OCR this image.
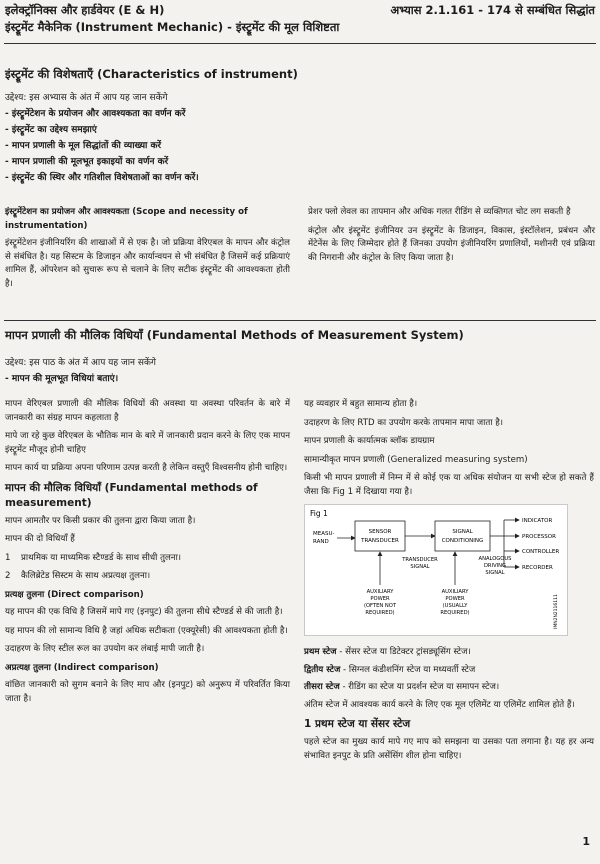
इलेक्ट्रॉनिक्स और हार्डवेयर (E & H)	अभ्यास 2.1.161 - 174 से सम्बंधित सिद्धांत
इंस्ट्रूमेंट मैकेनिक (Instrument Mechanic) - इंस्ट्रूमेंट की मूल विशिष्टता
इंस्ट्रूमेंट की विशेषताएँ (Characteristics of instrument)
उद्देश्य: इस अभ्यास के अंत में आप यह जान सकेंगे
- इंस्ट्रूमेंटेशन के प्रयोजन और आवश्यकता का वर्णन करें
- इंस्ट्रूमेंट का उद्देश्य समझाएं
- मापन प्रणाली के मूल सिद्धांतों की व्याख्या करें
- मापन प्रणाली की मूलभूत इकाइयों का वर्णन करें
- इंस्ट्रूमेंट की स्थिर और गतिशील विशेषताओं का वर्णन करें।
इंस्ट्रूमेंटेशन का प्रयोजन और आवश्यकता (Scope and necessity of instrumentation)

इंस्ट्रूमेंटेशन इंजीनियरिंग की शाखाओं में से एक है। जो प्रक्रिया वेरिएबल के मापन और कंट्रोल से संबंधित है। यह सिस्टम के डिजाइन और कार्यान्वयन से भी संबंधित है जिसमें कई प्रक्रियाएं शामिल हैं, ऑपरेशन को सुचारू रूप से चलाने के लिए सटीक इंस्ट्रूमेंट की आवश्यकता होती है।

प्रेशर फ्लो लेवल का तापमान और अधिक गलत रीडिंग से व्यक्तिगत चोट लग सकती है

कंट्रोल और इंस्ट्रूमेंट इंजीनियर उन इंस्ट्रूमेंट के डिजाइन, विकास, इंस्टॉलेशन, प्रबंधन और मेंटेनेंस के लिए जिम्मेदार होते हैं जिनका उपयोग इंजीनियरिंग प्रणालियों, मशीनरी एवं प्रक्रिया की निगरानी और कंट्रोल के लिए किया जाता है।

मापन प्रणाली की मौलिक विधियाँ (Fundamental Methods of Measurement System)
उद्देश्य: इस पाठ के अंत में आप यह जान सकेंगे
- मापन की मूलभूत विधियां बताएं।

मापन वेरिएबल प्रणाली की मौलिक विधियों की अवस्था या अवस्था परिवर्तन के बारे में जानकारी का संग्रह मापन कहलाता है

मापे जा रहे कुछ वेरिएबल के भौतिक मान के बारे में जानकारी प्रदान करने के लिए एक मापन इंस्ट्रूमेंट मौजूद होनी चाहिए

मापन कार्य या प्रक्रिया अपना परिणाम उत्पन्न करती है लेकिन वस्तुएँ विश्वसनीय होनी चाहिए।

मापन की मौलिक विधियाँ (Fundamental methods of measurement)

मापन आमतौर पर किसी प्रकार की तुलना द्वारा किया जाता है।

मापन की दो विधियाँ हैं

1	प्राथमिक या माध्यमिक स्टैण्डर्ड के साथ सीधी तुलना।
2	कैलिब्रेटेड सिस्टम के साथ अप्रत्यक्ष तुलना।
प्रत्यक्ष तुलना (Direct comparison)

यह मापन की एक विधि है जिसमें मापे गए (इनपुट) की तुलना सीधे स्टैण्डर्ड से की जाती है।

यह मापन की लो सामान्य विधि है जहां अधिक सटीकता (एक्यूरेसी) की आवश्यकता होती है।

उदाहरण के लिए स्टील रूल का उपयोग कर लंबाई मापी जाती है।

अप्रत्यक्ष तुलना (Indirect comparison)

वांछित जानकारी को सुगम बनाने के लिए माप और (इनपुट) को अनुरूप में परिवर्तित किया जाता है।

यह व्यवहार में बहुत सामान्य होता है।

उदाहरण के लिए RTD का उपयोग करके तापमान मापा जाता है।

मापन प्रणाली के कार्यात्मक ब्लॉक डायग्राम

सामान्यीकृत मापन प्रणाली (Generalized measuring system)

किसी भी मापन प्रणाली में निम्न में से कोई एक या अधिक संयोजन या सभी स्टेज हो सकते हैं जैसा कि Fig 1 में दिखाया गया है।

Fig 1
MEASU-
RAND
SENSOR
TRANSDUCER
SIGNAL
CONDITIONING
INDICATOR
PROCESSOR
CONTROLLER
RECORDER
TRANSDUCER
SIGNAL
ANALOGOUS
DRIVING
SIGNAL
AUXILIARY
POWER
(OFTEN NOT
REQUIRED)
AUXILIARY
POWER
(USUALLY
REQUIRED)	IMN2N2116111
प्रथम स्टेज - सेंसर स्टेज या डिटेक्टर ट्रांसड्यूसिंग स्टेज।
द्वितीय स्टेज - सिग्नल कंडीशनिंग स्टेज या मध्यवर्ती स्टेज
तीसरा स्टेज - रीडिंग का स्टेज या प्रदर्शन स्टेज या समापन स्टेज।

अंतिम स्टेज में आवश्यक कार्य करने के लिए एक मूल एलिमेंट या एलिमेंट शामिल होते हैं।

1 प्रथम स्टेज या सेंसर स्टेज

पहले स्टेज का मुख्य कार्य मापे गए माप को समझना या उसका पता लगाना है। यह हर अन्य संभावित इनपुट के प्रति असेंसिंग शील होना चाहिए।

1
